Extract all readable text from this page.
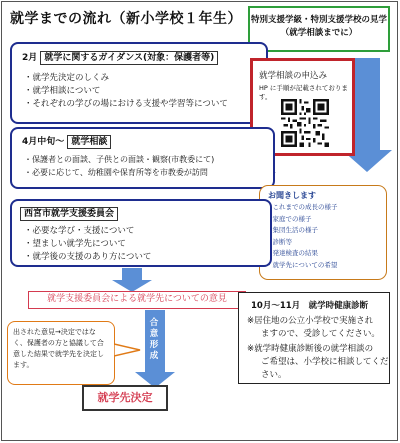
就学までの流れ（新小学校１年生） 特別支援学級・特別支援学校の見学
（就学相談までに）
2月 就学に関するガイダンス(対象：保護者等)
・就学先決定のしくみ
・就学相談について
・それぞれの学びの場における支援や学習等について
就学相談の申込み
HP に手順が記載されております。
4月中旬〜 就学相談
・保護者との面談、子供との面談・観察(市教委にて)
・必要に応じて、幼稚園や保育所等を市教委が訪問
お聞きします
・ これまでの成長の様子
・ 家庭での様子
・ 集団生活の様子
・ 診断等
・ 発達検査の結果
・ 就学先についての希望
西宮市就学支援委員会
・必要な学び・支援について
・望ましい就学先について
・就学後の支援のあり方について
就学支援委員会による就学先についての意見
出された意見→決定ではなく、保護者の方と協議して合意した結果で就学先を決定します。
合意形成
就学先決定
10月〜11月　就学時健康診断
※居住地の公立小学校で実施され
ますので、受診してください。
※就学時健康診断後の就学相談の
ご希望は、小学校に相談してくだ
さい。
